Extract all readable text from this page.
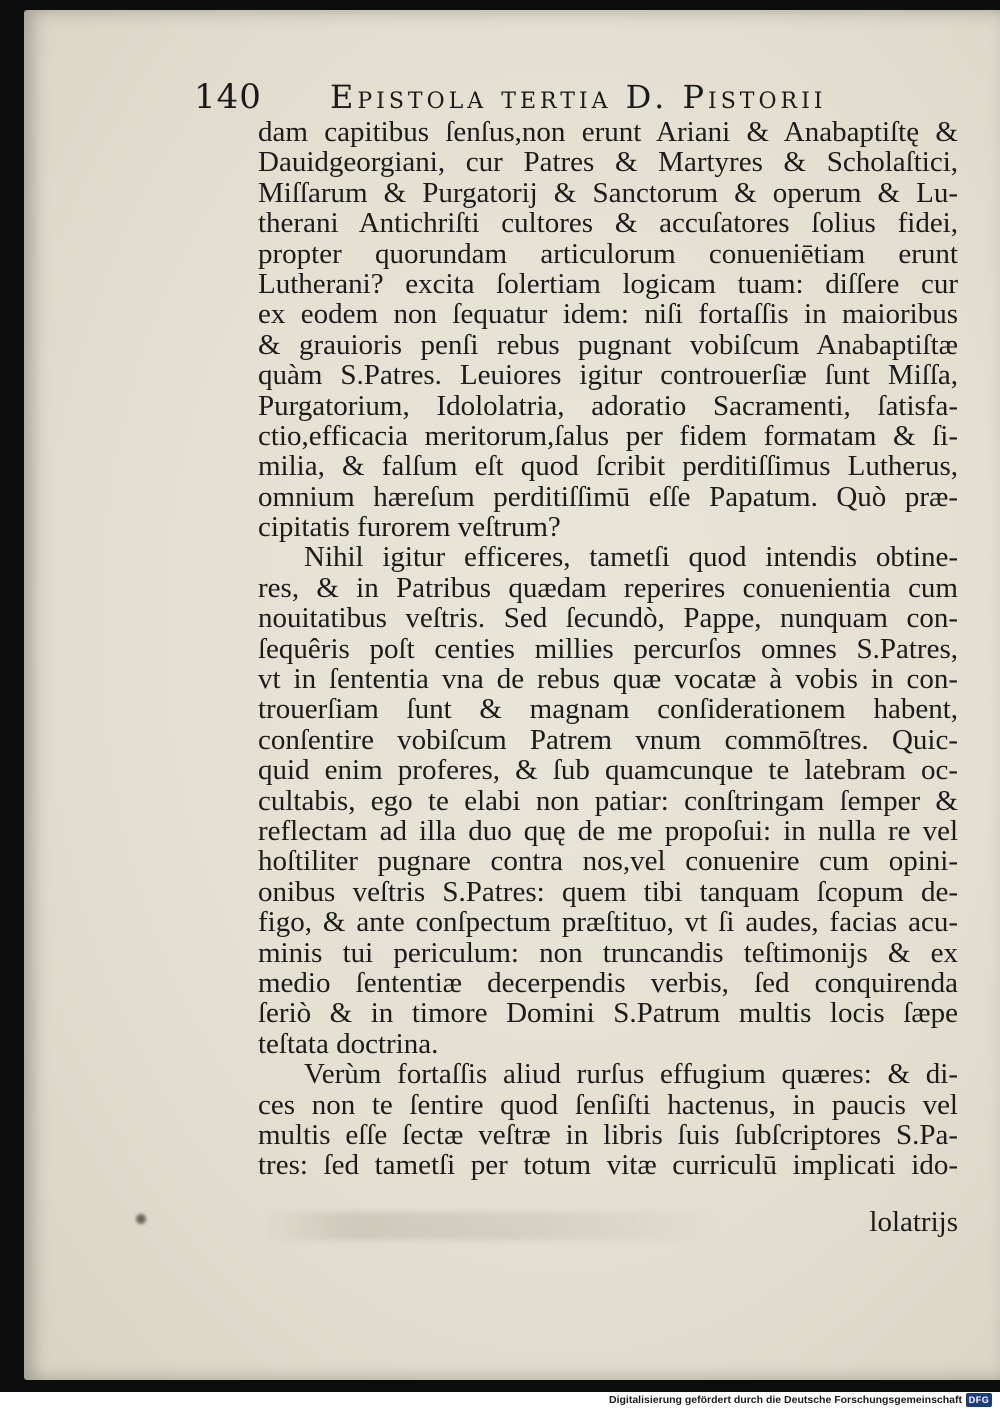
140 Epistola tertia D. Pistorii
dam capitibus ſenſus,non erunt Ariani & Anabaptiſtę &
Dauidgeorgiani, cur Patres & Martyres & Scholaſtici,
Miſſarum & Purgatorij & Sanctorum & operum & Lu-
therani Antichriſti cultores & accuſatores ſolius fidei,
propter quorundam articulorum conueniētiam erunt
Lutherani? excita ſolertiam logicam tuam: diſſere cur
ex eodem non ſequatur idem: niſi fortaſſis in maioribus
& grauioris penſi rebus pugnant vobiſcum Anabaptiſtæ
quàm S.Patres. Leuiores igitur controuerſiæ ſunt Miſſa,
Purgatorium, Idololatria, adoratio Sacramenti, ſatisfa-
ctio,efficacia meritorum,ſalus per fidem formatam & ſi-
milia, & falſum eſt quod ſcribit perditiſſimus Lutherus,
omnium hæreſum perditiſſimū eſſe Papatum. Quò præ-
cipitatis furorem veſtrum?
Nihil igitur efficeres, tametſi quod intendis obtine-
res, & in Patribus quædam reperires conuenientia cum
nouitatibus veſtris. Sed ſecundò, Pappe, nunquam con-
ſequêris poſt centies millies percurſos omnes S.Patres,
vt in ſententia vna de rebus quæ vocatæ à vobis in con-
trouerſiam ſunt & magnam conſiderationem habent,
conſentire vobiſcum Patrem vnum commōſtres. Quic-
quid enim proferes, & ſub quamcunque te latebram oc-
cultabis, ego te elabi non patiar: conſtringam ſemper &
reflectam ad illa duo quę de me propoſui: in nulla re vel
hoſtiliter pugnare contra nos,vel conuenire cum opini-
onibus veſtris S.Patres: quem tibi tanquam ſcopum de-
figo, & ante conſpectum præſtituo, vt ſi audes, facias acu-
minis tui periculum: non truncandis teſtimonijs & ex
medio ſententiæ decerpendis verbis, ſed conquirenda
ſeriò & in timore Domini S.Patrum multis locis ſæpe
teſtata doctrina.
Verùm fortaſſis aliud rurſus effugium quæres: & di-
ces non te ſentire quod ſenſiſti hactenus, in paucis vel
multis eſſe ſectæ veſtræ in libris ſuis ſubſcriptores S.Pa-
tres: ſed tametſi per totum vitæ curriculū implicati ido-
lolatrijs
Digitalisierung gefördert durch die Deutsche Forschungsgemeinschaft DFG
